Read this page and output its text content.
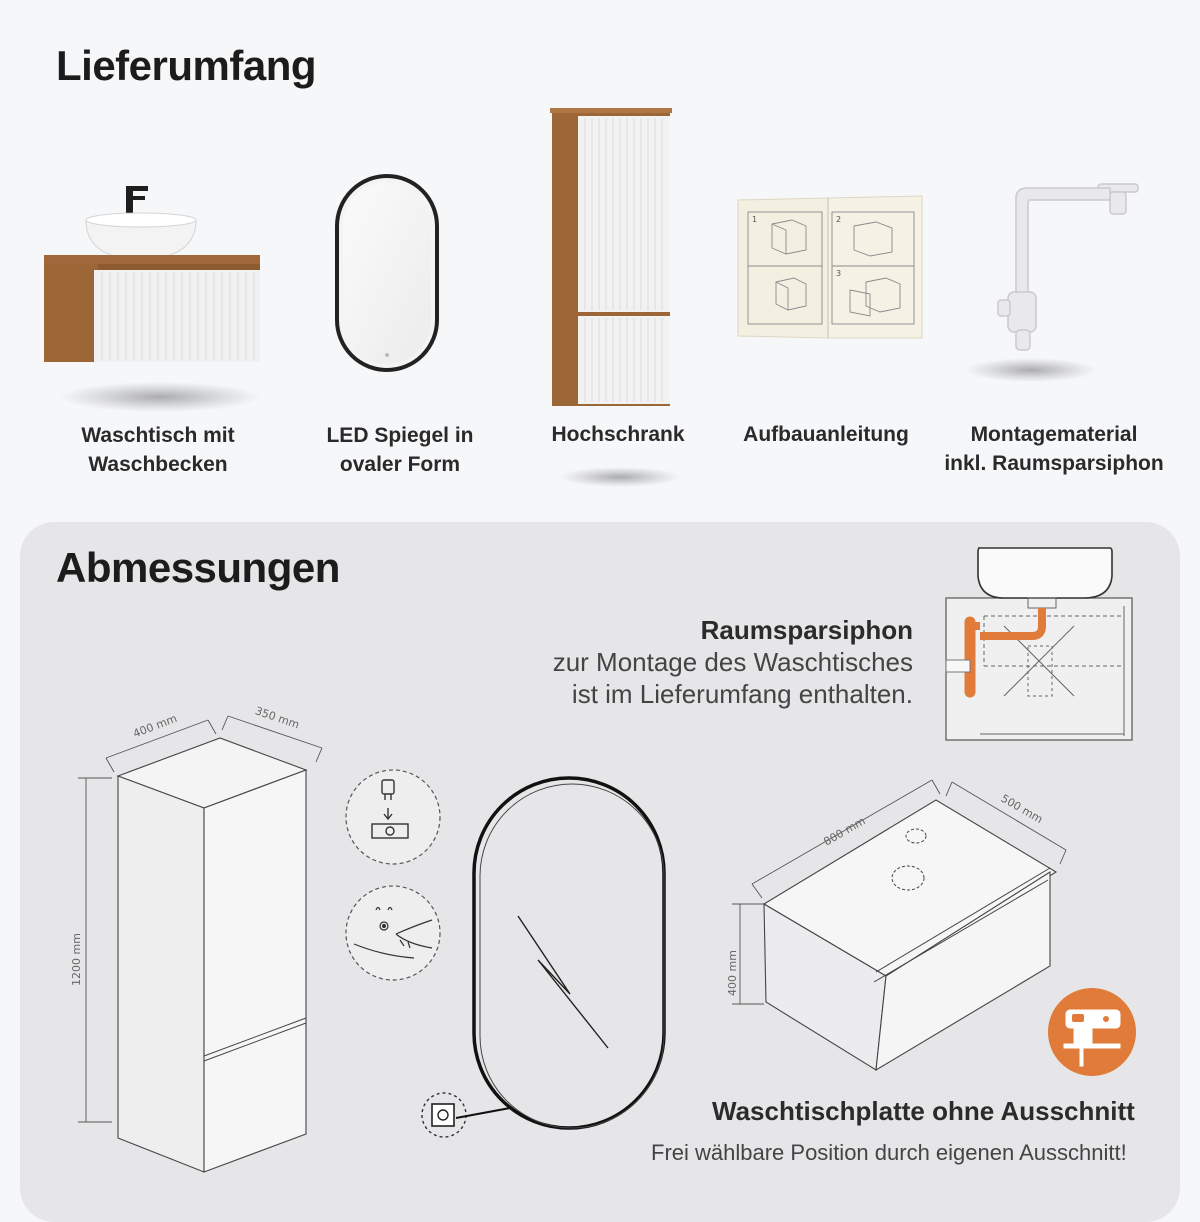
Lieferumfang
Waschtisch mit
Waschbecken
LED Spiegel in
ovaler Form
Hochschrank
1	2
3
Aufbauanleitung	Montagematerial
inkl. Raumsparsiphon
Abmessungen
Raumsparsiphon
zur Montage des Waschtisches
ist im Lieferumfang enthalten.
400 mm	350 mm
1200 mm
800 mm
500 mm
400 mm
Waschtischplatte ohne Ausschnitt
Frei wählbare Position durch eigenen Ausschnitt!
